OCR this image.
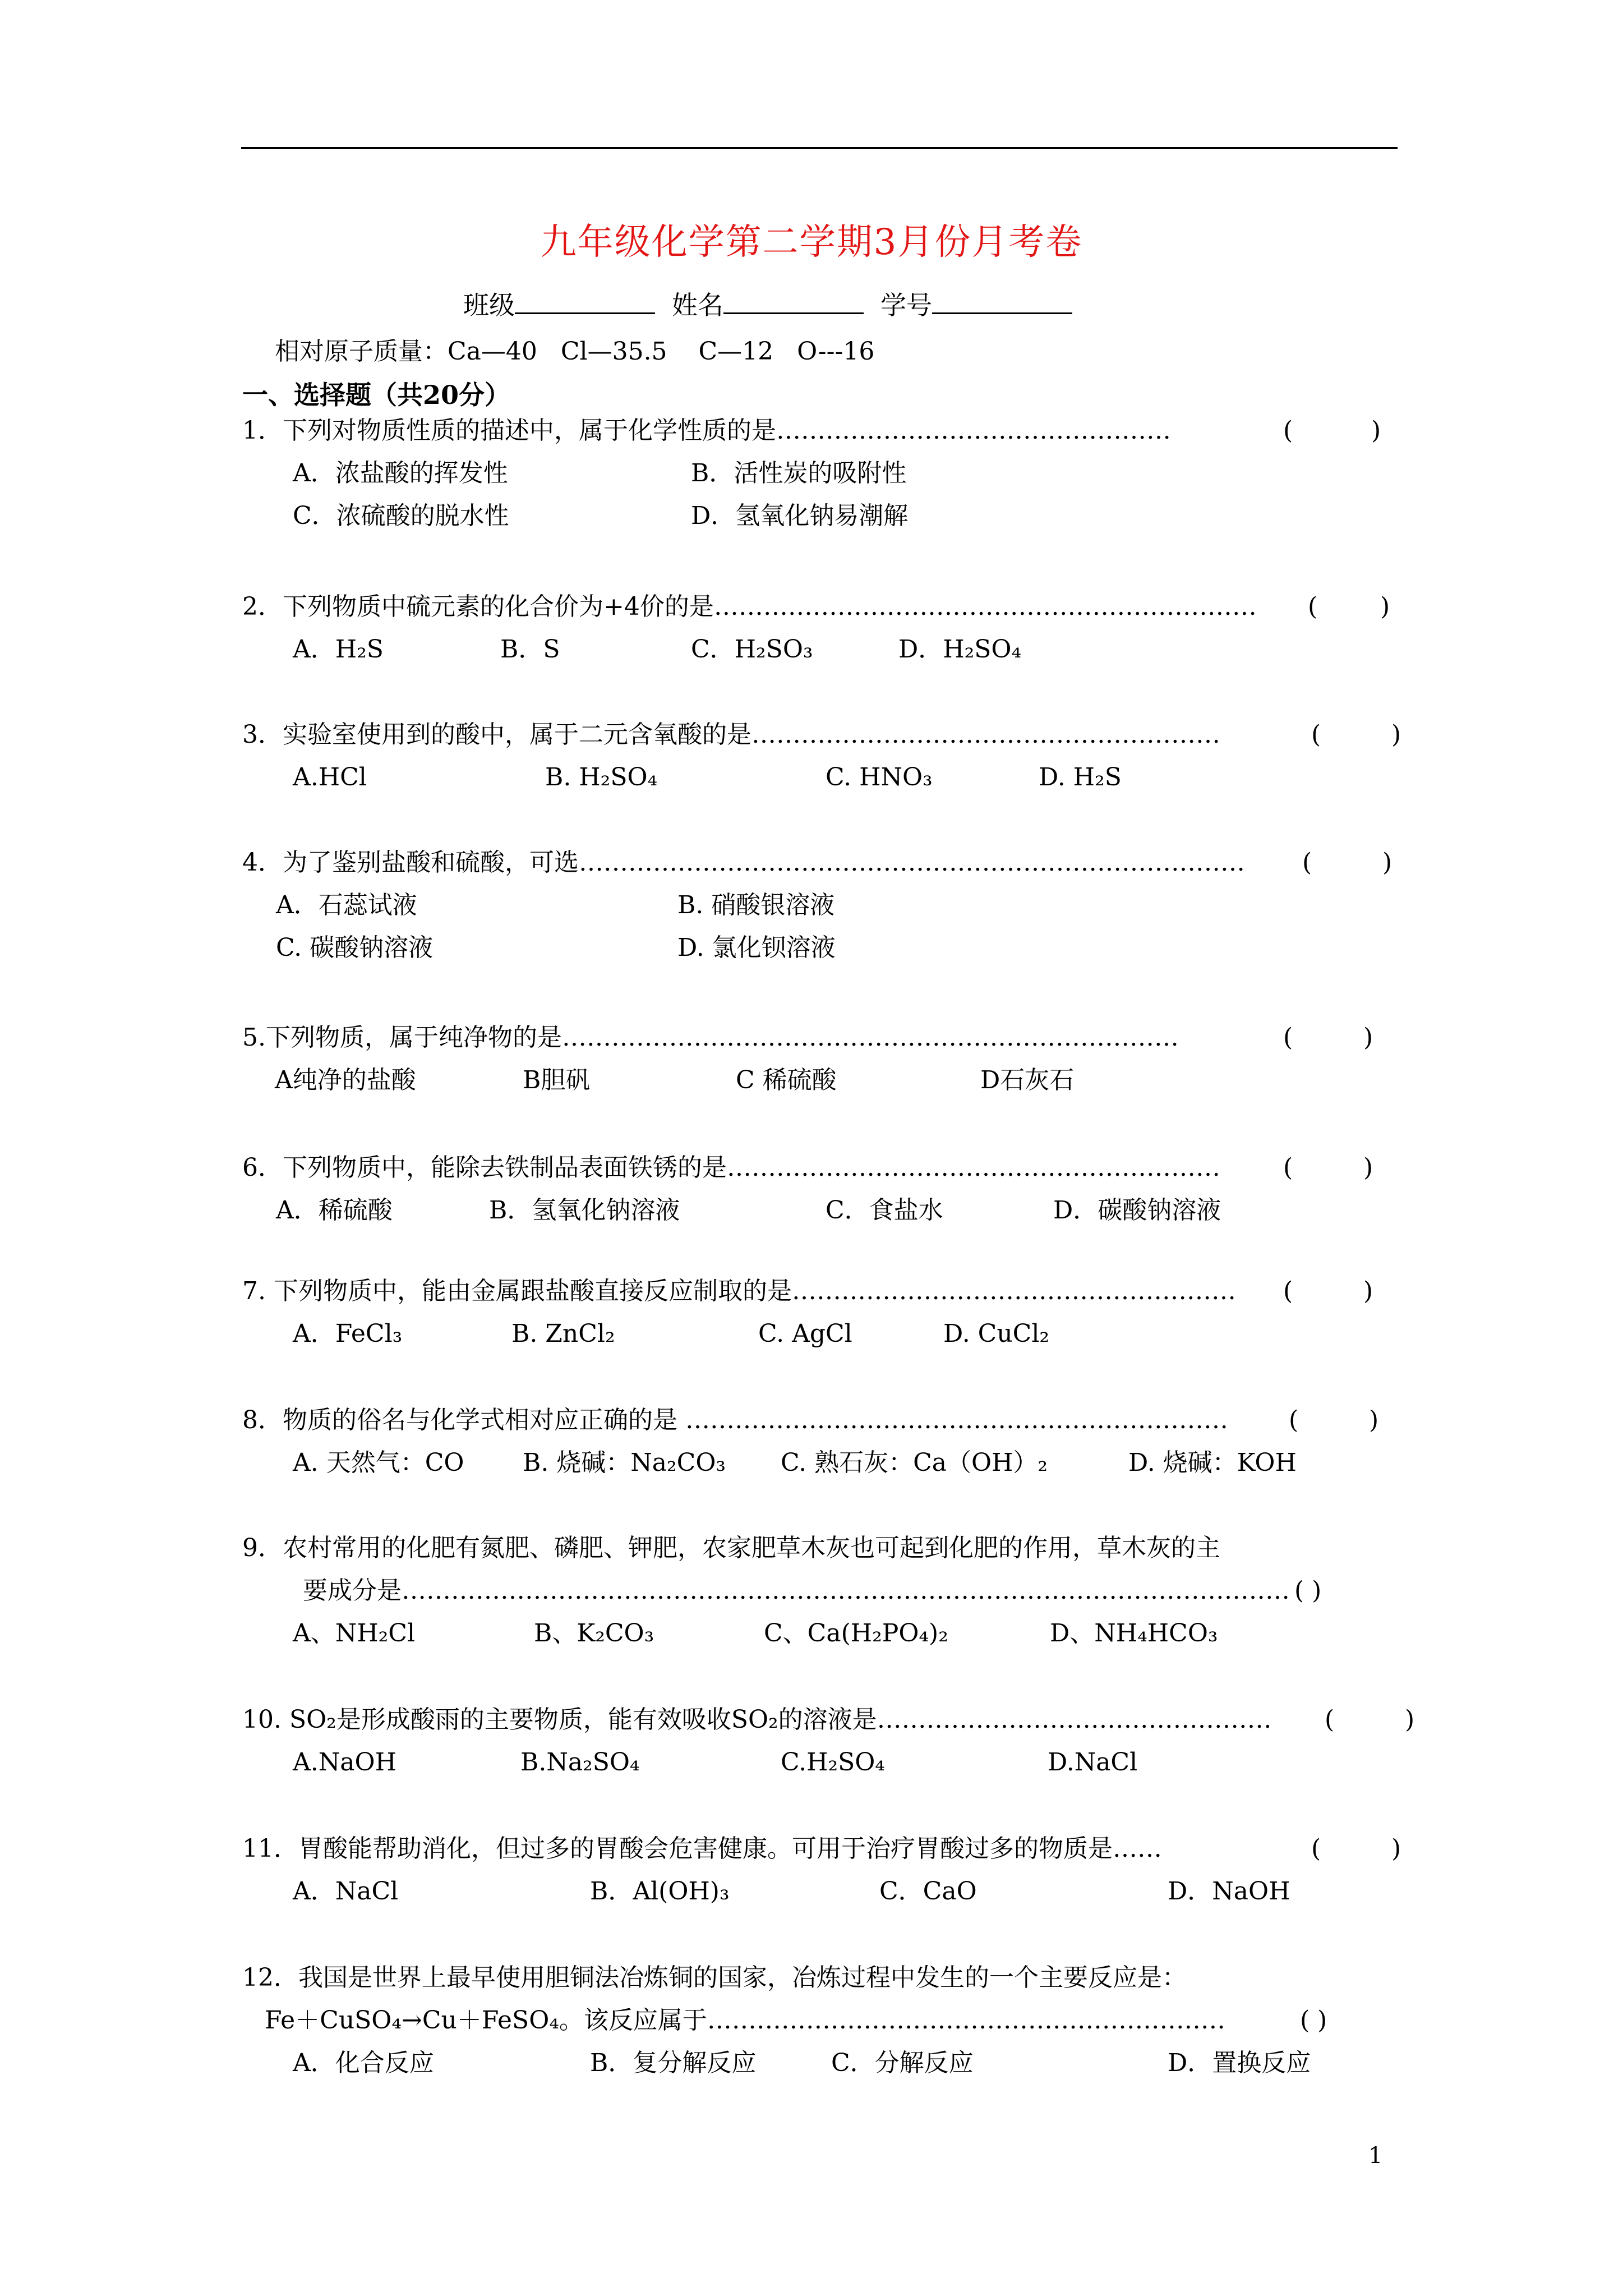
九年级化学第二学期3月份月考卷
班级	姓名	学号
相对原子质量：Ca—40   Cl—35.5    C—12   O---16
一、选择题（共20分）
1．下列对物质性质的描述中，属于化学性质的是…………………………………………	(          )
A．浓盐酸的挥发性	B．活性炭的吸附性
C．浓硫酸的脱水性	D．氢氧化钠易潮解
2．下列物质中硫元素的化合价为+4价的是………………………………………………………… (        )
A．H₂S	B．S	C．H₂SO₃	D．H₂SO₄
3．实验室使用到的酸中，属于二元含氧酸的是…………………………………………………	(         )
A.HCl	B. H₂SO₄	C. HNO₃	D. H₂S
4．为了鉴别盐酸和硫酸，可选……………………………………………………………………… (         )
A．石蕊试液	B. 硝酸银溶液
C. 碳酸钠溶液	D. 氯化钡溶液
5.下列物质，属于纯净物的是…………………………………………………………………	(         )
A纯净的盐酸	B胆矾	C 稀硫酸	D石灰石
6．下列物质中，能除去铁制品表面铁锈的是……………………………………………………	(         )
A．稀硫酸	B．氢氧化钠溶液	C．食盐水	D．碳酸钠溶液
7. 下列物质中，能由金属跟盐酸直接反应制取的是……………………………………………… (         )
A．FeCl₃	B. ZnCl₂	C. AgCl	D. CuCl₂
8．物质的俗名与化学式相对应正确的是 ………………………………………………………… (         )
A. 天然气：CO B. 烧碱：Na₂CO₃ C. 熟石灰：Ca（OH）₂	D. 烧碱：KOH
9．农村常用的化肥有氮肥、磷肥、钾肥，农家肥草木灰也可起到化肥的作用，草木灰的主
要成分是……………………………………………………………………………………………… ( )
A、NH₂Cl	B、K₂CO₃	C、Ca(H₂PO₄)₂	D、NH₄HCO₃
10. SO₂是形成酸雨的主要物质，能有效吸收SO₂的溶液是………………………………………… (         )
A.NaOH	B.Na₂SO₄	C.H₂SO₄	D.NaCl
11．胃酸能帮助消化，但过多的胃酸会危害健康。可用于治疗胃酸过多的物质是……	(         )
A．NaCl	B．Al(OH)₃	C．CaO	D．NaOH
12．我国是世界上最早使用胆铜法冶炼铜的国家，冶炼过程中发生的一个主要反应是：
Fe＋CuSO₄→Cu＋FeSO₄。该反应属于………………………………………………………	( )
A．化合反应	B．复分解反应	C．分解反应	D．置换反应
1
